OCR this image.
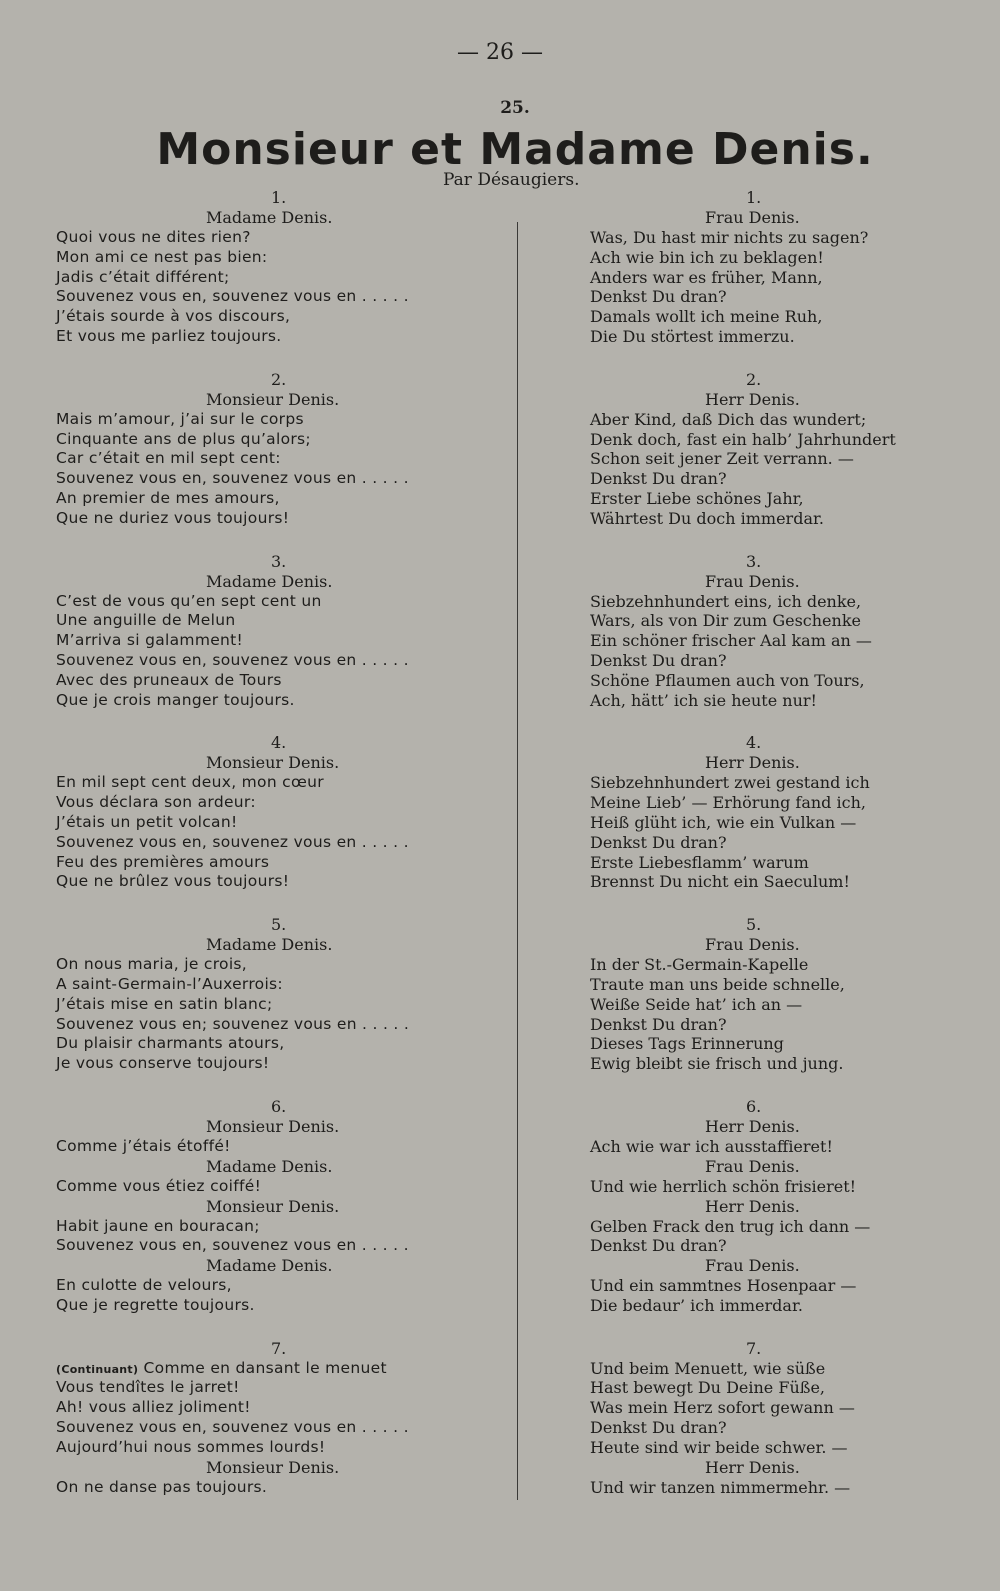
— 26 —
25.
Monsieur et Madame Denis.
Par Désaugiers.
1.
Madame Denis.
Quoi vous ne dites rien?
Mon ami ce nest pas bien:
Jadis c’était différent;
Souvenez vous en, souvenez vous en . . . . .
J’étais sourde à vos discours,
Et vous me parliez toujours.
2.
Monsieur Denis.
Mais m’amour, j’ai sur le corps
Cinquante ans de plus qu’alors;
Car c’était en mil sept cent:
Souvenez vous en, souvenez vous en . . . . .
An premier de mes amours,
Que ne duriez vous toujours!
3.
Madame Denis.
C’est de vous qu’en sept cent un
Une anguille de Melun
M’arriva si galamment!
Souvenez vous en, souvenez vous en . . . . .
Avec des pruneaux de Tours
Que je crois manger toujours.
4.
Monsieur Denis.
En mil sept cent deux, mon cœur
Vous déclara son ardeur:
J’étais un petit volcan!
Souvenez vous en, souvenez vous en . . . . .
Feu des premières amours
Que ne brûlez vous toujours!
5.
Madame Denis.
On nous maria, je crois,
A saint-Germain-l’Auxerrois:
J’étais mise en satin blanc;
Souvenez vous en; souvenez vous en . . . . .
Du plaisir charmants atours,
Je vous conserve toujours!
6.
Monsieur Denis.
Comme j’étais étoffé!
Madame Denis.
Comme vous étiez coiffé!
Monsieur Denis.
Habit jaune en bouracan;
Souvenez vous en, souvenez vous en . . . . .
Madame Denis.
En culotte de velours,
Que je regrette toujours.
7.
(Continuant) Comme en dansant le menuet
Vous tendîtes le jarret!
Ah! vous alliez joliment!
Souvenez vous en, souvenez vous en . . . . .
Aujourd’hui nous sommes lourds!
Monsieur Denis.
On ne danse pas toujours.
1.
Frau Denis.
Was, Du hast mir nichts zu sagen?
Ach wie bin ich zu beklagen!
Anders war es früher, Mann,
Denkst Du dran?
Damals wollt ich meine Ruh,
Die Du störtest immerzu.
2.
Herr Denis.
Aber Kind, daß Dich das wundert;
Denk doch, fast ein halb’ Jahrhundert
Schon seit jener Zeit verrann. —
Denkst Du dran?
Erster Liebe schönes Jahr,
Währtest Du doch immerdar.
3.
Frau Denis.
Siebzehnhundert eins, ich denke,
Wars, als von Dir zum Geschenke
Ein schöner frischer Aal kam an —
Denkst Du dran?
Schöne Pflaumen auch von Tours,
Ach, hätt’ ich sie heute nur!
4.
Herr Denis.
Siebzehnhundert zwei gestand ich
Meine Lieb’ — Erhörung fand ich,
Heiß glüht ich, wie ein Vulkan —
Denkst Du dran?
Erste Liebesflamm’ warum
Brennst Du nicht ein Saeculum!
5.
Frau Denis.
In der St.-Germain-Kapelle
Traute man uns beide schnelle,
Weiße Seide hat’ ich an —
Denkst Du dran?
Dieses Tags Erinnerung
Ewig bleibt sie frisch und jung.
6.
Herr Denis.
Ach wie war ich ausstaffieret!
Frau Denis.
Und wie herrlich schön frisieret!
Herr Denis.
Gelben Frack den trug ich dann —
Denkst Du dran?
Frau Denis.
Und ein sammtnes Hosenpaar —
Die bedaur’ ich immerdar.
7.
Und beim Menuett, wie süße
Hast bewegt Du Deine Füße,
Was mein Herz sofort gewann —
Denkst Du dran?
Heute sind wir beide schwer. —
Herr Denis.
Und wir tanzen nimmermehr. —
